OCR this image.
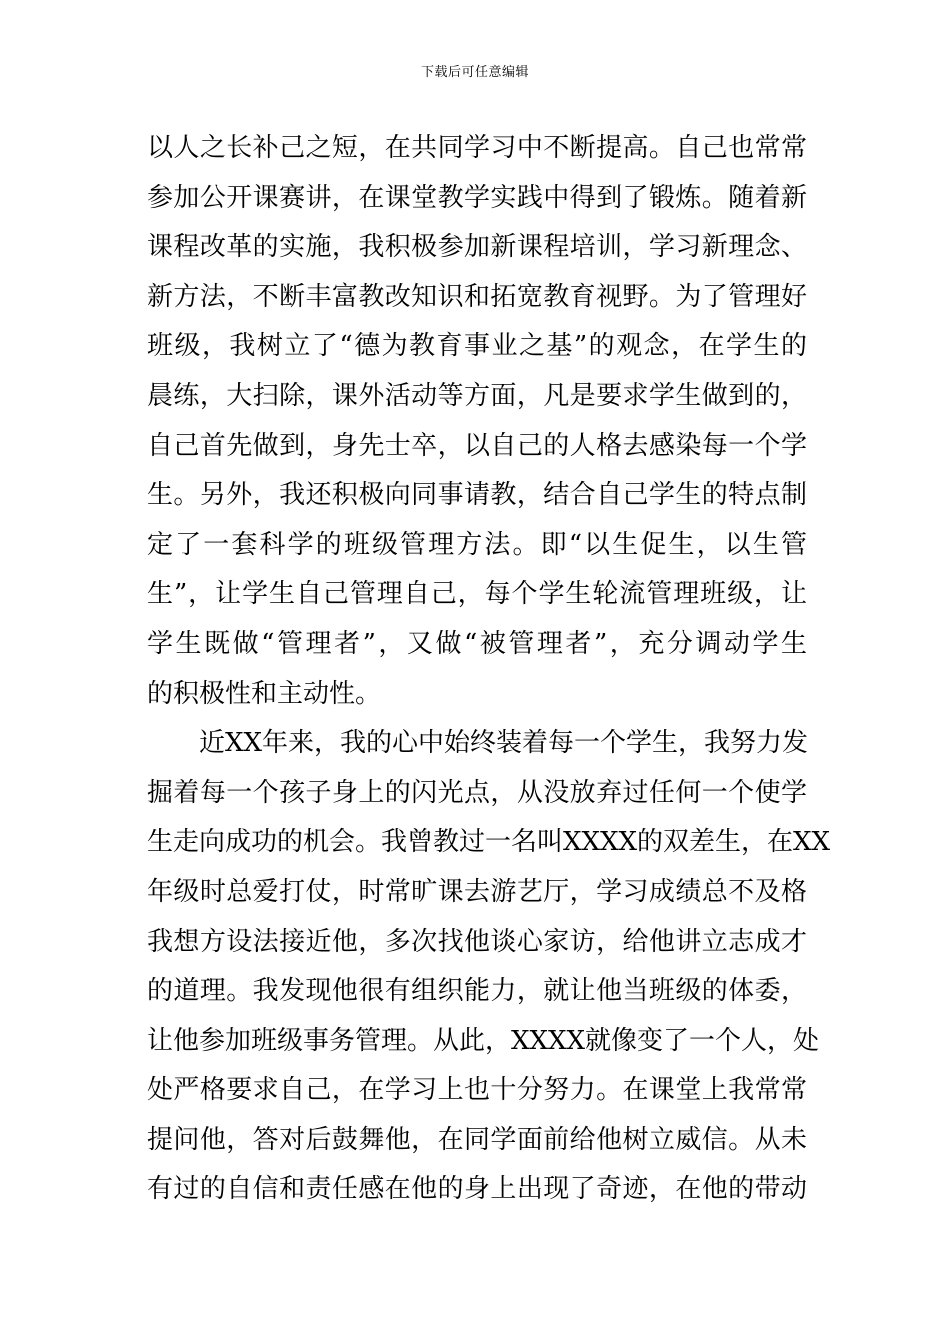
下载后可任意编辑
以人之长补己之短，在共同学习中不断提高。自己也常常
参加公开课赛讲，在课堂教学实践中得到了锻炼。随着新
课程改革的实施，我积极参加新课程培训，学习新理念、
新方法，不断丰富教改知识和拓宽教育视野。为了管理好
班级，我树立了“德为教育事业之基”的观念，在学生的
晨练，大扫除，课外活动等方面，凡是要求学生做到的，
自己首先做到，身先士卒，以自己的人格去感染每一个学
生。另外，我还积极向同事请教，结合自己学生的特点制
定了一套科学的班级管理方法。即“以生促生，以生管
生”，让学生自己管理自己，每个学生轮流管理班级，让
学生既做“管理者”，又做“被管理者”，充分调动学生
的积极性和主动性。
近XX年来，我的心中始终装着每一个学生，我努力发
掘着每一个孩子身上的闪光点，从没放弃过任何一个使学
生走向成功的机会。我曾教过一名叫XXXX的双差生，在XX
年级时总爱打仗，时常旷课去游艺厅，学习成绩总不及格
我想方设法接近他，多次找他谈心家访，给他讲立志成才
的道理。我发现他很有组织能力，就让他当班级的体委，
让他参加班级事务管理。从此，XXXX就像变了一个人，处
处严格要求自己，在学习上也十分努力。在课堂上我常常
提问他，答对后鼓舞他，在同学面前给他树立威信。从未
有过的自信和责任感在他的身上出现了奇迹，在他的带动
